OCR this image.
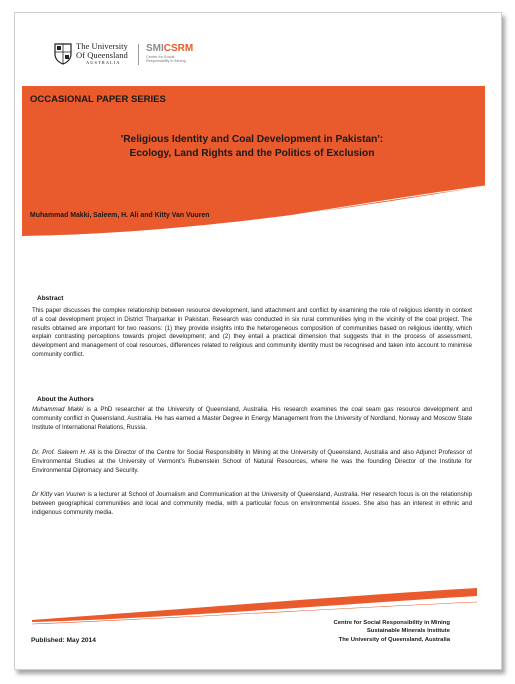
The University
Of Queensland
AUSTRALIA
SMICSRM
Centre for Social
Responsibility in Mining
OCCASIONAL PAPER SERIES
'Religious Identity and Coal Development in Pakistan':
Ecology, Land Rights and the Politics of Exclusion
Muhammad Makki, Saleem, H. Ali and Kitty Van Vuuren
Abstract
This paper discusses the complex relationship between resource development, land attachment and conflict by examining the role of religious identity in context of a coal development project in District Tharparkar in Pakistan. Research was conducted in six rural communities lying in the vicinity of the coal project. The results obtained are important for two reasons: (1) they provide insights into the heterogeneous composition of communities based on religious identity, which explain contrasting perceptions towards project development; and (2) they entail a practical dimension that suggests that in the process of assessment, development and management of coal resources, differences related to religious and community identity must be recognised and taken into account to minimise community conflict.
About the Authors
Muhammad Makki is a PhD researcher at the University of Queensland, Australia. His research examines the coal seam gas resource development and community conflict in Queensland, Australia. He has earned a Master Degree in Energy Management from the University of Nordland, Norway and Moscow State Institute of International Relations, Russia.
Dr. Prof. Saleem H. Ali is the Director of the Centre for Social Responsibility in Mining at the University of Queensland, Australia and also Adjunct Professor of Environmental Studies at the University of Vermont's Rubenstein School of Natural Resources, where he was the founding Director of the Institute for Environmental Diplomacy and Security.
Dr Kitty van Vuuren is a lecturer at School of Journalism and Communication at the University of Queensland, Australia. Her research focus is on the relationship between geographical communities and local and community media, with a particular focus on environmental issues. She also has an interest in ethnic and indigenous community media.
Published: May 2014
Centre for Social Responsibility in Mining
Sustainable Minerals Institute
The University of Queensland, Australia
